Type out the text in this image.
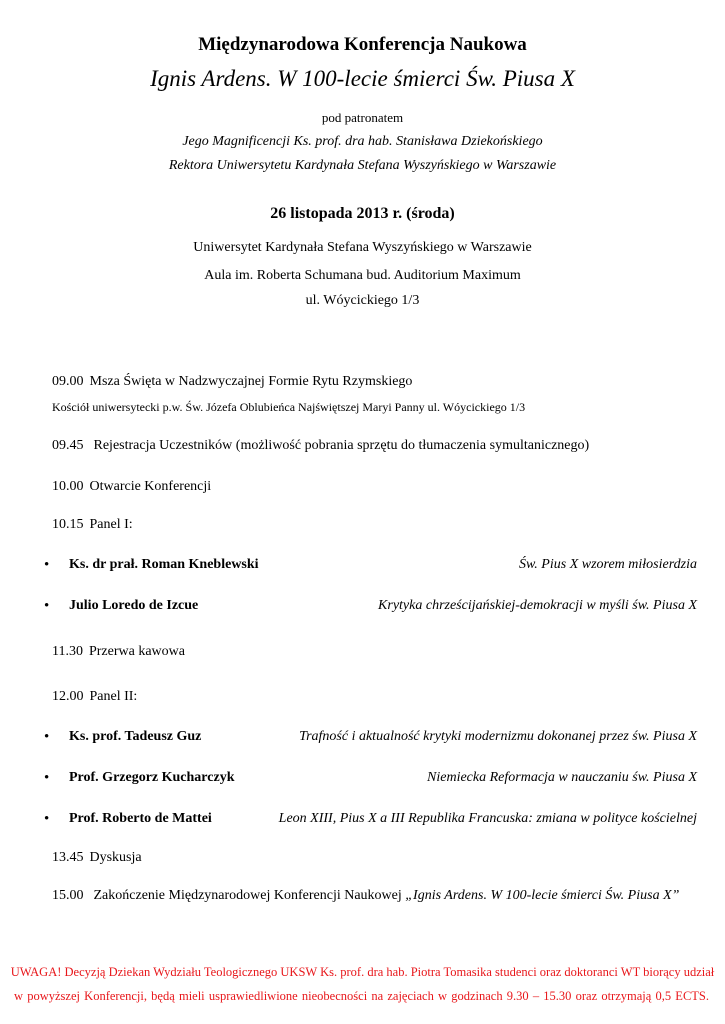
Międzynarodowa Konferencja Naukowa
Ignis Ardens. W 100-lecie śmierci Św. Piusa X
pod patronatem
Jego Magnificencji Ks. prof. dra hab. Stanisława Dziekońskiego
Rektora Uniwersytetu Kardynała Stefana Wyszyńskiego w Warszawie
26 listopada 2013 r. (środa)
Uniwersytet Kardynała Stefana Wyszyńskiego w Warszawie
Aula im. Roberta Schumana bud. Auditorium Maximum
ul. Wóycickiego 1/3
09.00 Msza Święta w Nadzwyczajnej Formie Rytu Rzymskiego
Kościół uniwersytecki p.w. Św. Józefa Oblubieńca Najświętszej Maryi Panny ul. Wóycickiego 1/3
09.45 Rejestracja Uczestników (możliwość pobrania sprzętu do tłumaczenia symultanicznego)
10.00 Otwarcie Konferencji
10.15 Panel I:
• Ks. dr prał. Roman Kneblewski	Św. Pius X wzorem miłosierdzia
• Julio Loredo de Izcue	Krytyka chrześcijańskiej-demokracji w myśli św. Piusa X
11.30 Przerwa kawowa
12.00 Panel II:
• Ks. prof. Tadeusz Guz	Trafność i aktualność krytyki modernizmu dokonanej przez św. Piusa X
• Prof. Grzegorz Kucharczyk	Niemiecka Reformacja w nauczaniu św. Piusa X
• Prof. Roberto de Mattei	Leon XIII, Pius X a III Republika Francuska: zmiana w polityce kościelnej
13.45 Dyskusja
15.00 Zakończenie Międzynarodowej Konferencji Naukowej „Ignis Ardens. W 100-lecie śmierci Św. Piusa X”
UWAGA! Decyzją Dziekan Wydziału Teologicznego UKSW Ks. prof. dra hab. Piotra Tomasika studenci oraz doktoranci WT biorący udział
w powyższej Konferencji, będą mieli usprawiedliwione nieobecności na zajęciach w godzinach 9.30 – 15.30 oraz otrzymają 0,5 ECTS.
